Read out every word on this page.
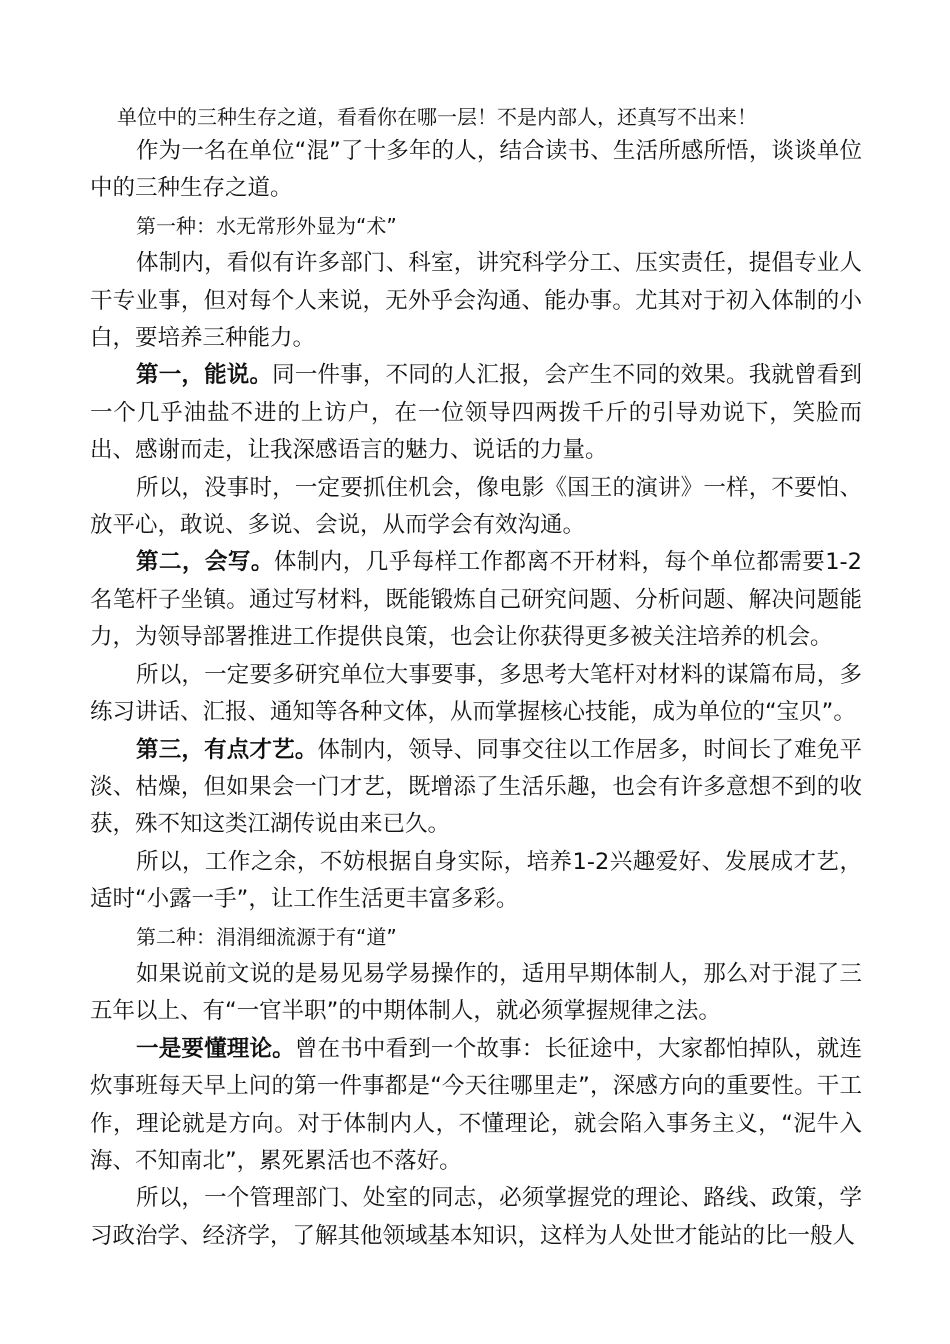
单位中的三种生存之道，看看你在哪一层！不是内部人，还真写不出来！

作为一名在单位“混”了十多年的人，结合读书、生活所感所悟，谈谈单位中的三种生存之道。

第一种：水无常形外显为“术”

体制内，看似有许多部门、科室，讲究科学分工、压实责任，提倡专业人干专业事，但对每个人来说，无外乎会沟通、能办事。尤其对于初入体制的小白，要培养三种能力。

第一，能说。同一件事，不同的人汇报，会产生不同的效果。我就曾看到一个几乎油盐不进的上访户，在一位领导四两拨千斤的引导劝说下，笑脸而出、感谢而走，让我深感语言的魅力、说话的力量。

所以，没事时，一定要抓住机会，像电影《国王的演讲》一样，不要怕、放平心，敢说、多说、会说，从而学会有效沟通。

第二，会写。体制内，几乎每样工作都离不开材料，每个单位都需要1-2名笔杆子坐镇。通过写材料，既能锻炼自己研究问题、分析问题、解决问题能力，为领导部署推进工作提供良策，也会让你获得更多被关注培养的机会。

所以，一定要多研究单位大事要事，多思考大笔杆对材料的谋篇布局，多练习讲话、汇报、通知等各种文体，从而掌握核心技能，成为单位的“宝贝”。

第三，有点才艺。体制内，领导、同事交往以工作居多，时间长了难免平淡、枯燥，但如果会一门才艺，既增添了生活乐趣，也会有许多意想不到的收获，殊不知这类江湖传说由来已久。

所以，工作之余，不妨根据自身实际，培养1-2兴趣爱好、发展成才艺，适时“小露一手”，让工作生活更丰富多彩。

第二种：涓涓细流源于有“道”

如果说前文说的是易见易学易操作的，适用早期体制人，那么对于混了三五年以上、有“一官半职”的中期体制人，就必须掌握规律之法。

一是要懂理论。曾在书中看到一个故事：长征途中，大家都怕掉队，就连炊事班每天早上问的第一件事都是“今天往哪里走”，深感方向的重要性。干工作，理论就是方向。对于体制内人，不懂理论，就会陷入事务主义，“泥牛入海、不知南北”，累死累活也不落好。

所以，一个管理部门、处室的同志，必须掌握党的理论、路线、政策，学习政治学、经济学，了解其他领域基本知识，这样为人处世才能站的比一般人
